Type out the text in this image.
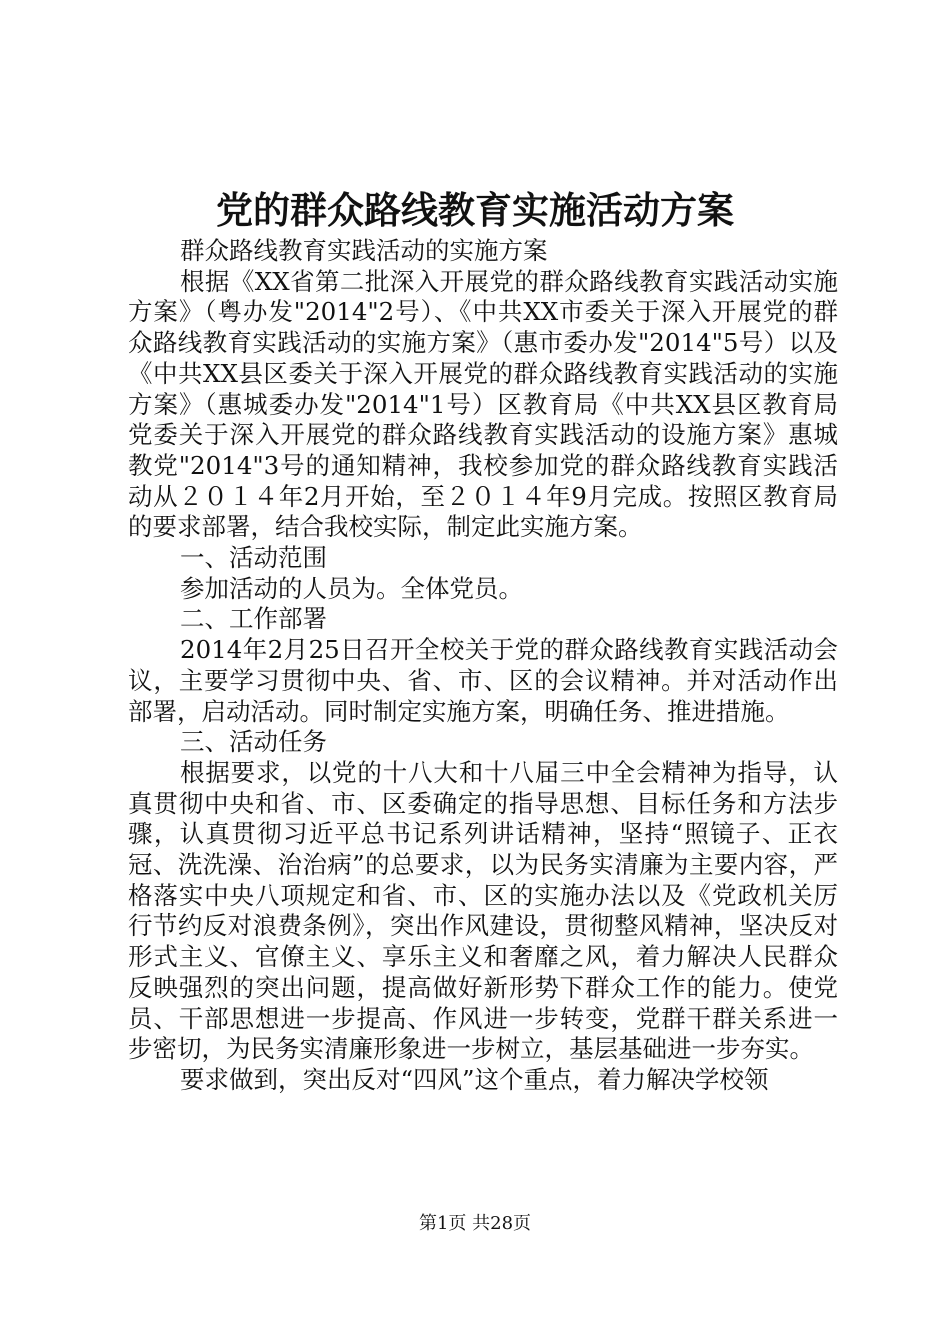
党的群众路线教育实施活动方案

群众路线教育实践活动的实施方案

根据《XX省第二批深入开展党的群众路线教育实践活动实施方案》（粤办发"2014"2号）、《中共XX市委关于深入开展党的群众路线教育实践活动的实施方案》（惠市委办发"2014"5号）以及《中共XX县区委关于深入开展党的群众路线教育实践活动的实施方案》（惠城委办发"2014"1号）区教育局《中共XX县区教育局党委关于深入开展党的群众路线教育实践活动的设施方案》惠城教党"2014"3号的通知精神，我校参加党的群众路线教育实践活动从２０１４年2月开始，至２０１４年9月完成。按照区教育局的要求部署，结合我校实际，制定此实施方案。

一、活动范围

参加活动的人员为。全体党员。

二、工作部署

2014年2月25日召开全校关于党的群众路线教育实践活动会议，主要学习贯彻中央、省、市、区的会议精神。并对活动作出部署，启动活动。同时制定实施方案，明确任务、推进措施。

三、活动任务

根据要求，以党的十八大和十八届三中全会精神为指导，认真贯彻中央和省、市、区委确定的指导思想、目标任务和方法步骤，认真贯彻习近平总书记系列讲话精神，坚持“照镜子、正衣冠、洗洗澡、治治病”的总要求，以为民务实清廉为主要内容，严格落实中央八项规定和省、市、区的实施办法以及《党政机关厉行节约反对浪费条例》，突出作风建设，贯彻整风精神，坚决反对形式主义、官僚主义、享乐主义和奢靡之风，着力解决人民群众反映强烈的突出问题，提高做好新形势下群众工作的能力。使党员、干部思想进一步提高、作风进一步转变，党群干群关系进一步密切，为民务实清廉形象进一步树立，基层基础进一步夯实。

要求做到，突出反对“四风”这个重点，着力解决学校领

第1页 共28页
